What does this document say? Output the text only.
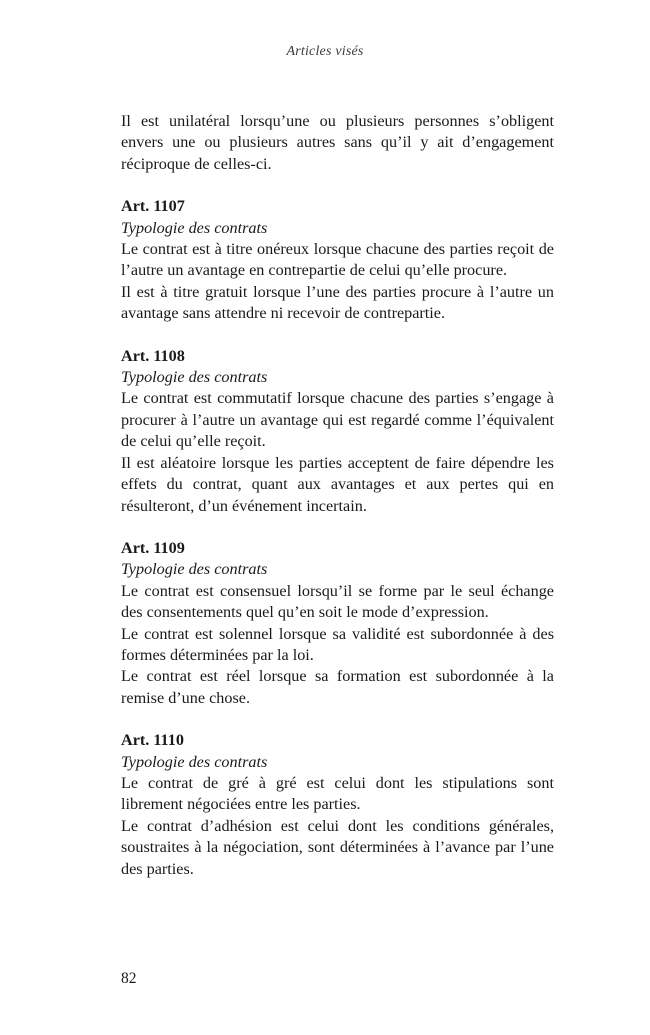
Articles visés

Il est unilatéral lorsqu’une ou plusieurs personnes s’obligent envers une ou plusieurs autres sans qu’il y ait d’engagement réciproque de celles-ci.

Art. 1107

Typologie des contrats

Le contrat est à titre onéreux lorsque chacune des parties reçoit de l’autre un avantage en contrepartie de celui qu’elle procure.

Il est à titre gratuit lorsque l’une des parties procure à l’autre un avantage sans attendre ni recevoir de contrepartie.

Art. 1108

Typologie des contrats

Le contrat est commutatif lorsque chacune des parties s’engage à procurer à l’autre un avantage qui est regardé comme l’équivalent de celui qu’elle reçoit.

Il est aléatoire lorsque les parties acceptent de faire dépendre les effets du contrat, quant aux avantages et aux pertes qui en résulteront, d’un événement incertain.

Art. 1109

Typologie des contrats

Le contrat est consensuel lorsqu’il se forme par le seul échange des consentements quel qu’en soit le mode d’expression.

Le contrat est solennel lorsque sa validité est subordonnée à des formes déterminées par la loi.

Le contrat est réel lorsque sa formation est subordonnée à la remise d’une chose.

Art. 1110

Typologie des contrats

Le contrat de gré à gré est celui dont les stipulations sont librement négociées entre les parties.

Le contrat d’adhésion est celui dont les conditions générales, soustraites à la négociation, sont déterminées à l’avance par l’une des parties.

82
